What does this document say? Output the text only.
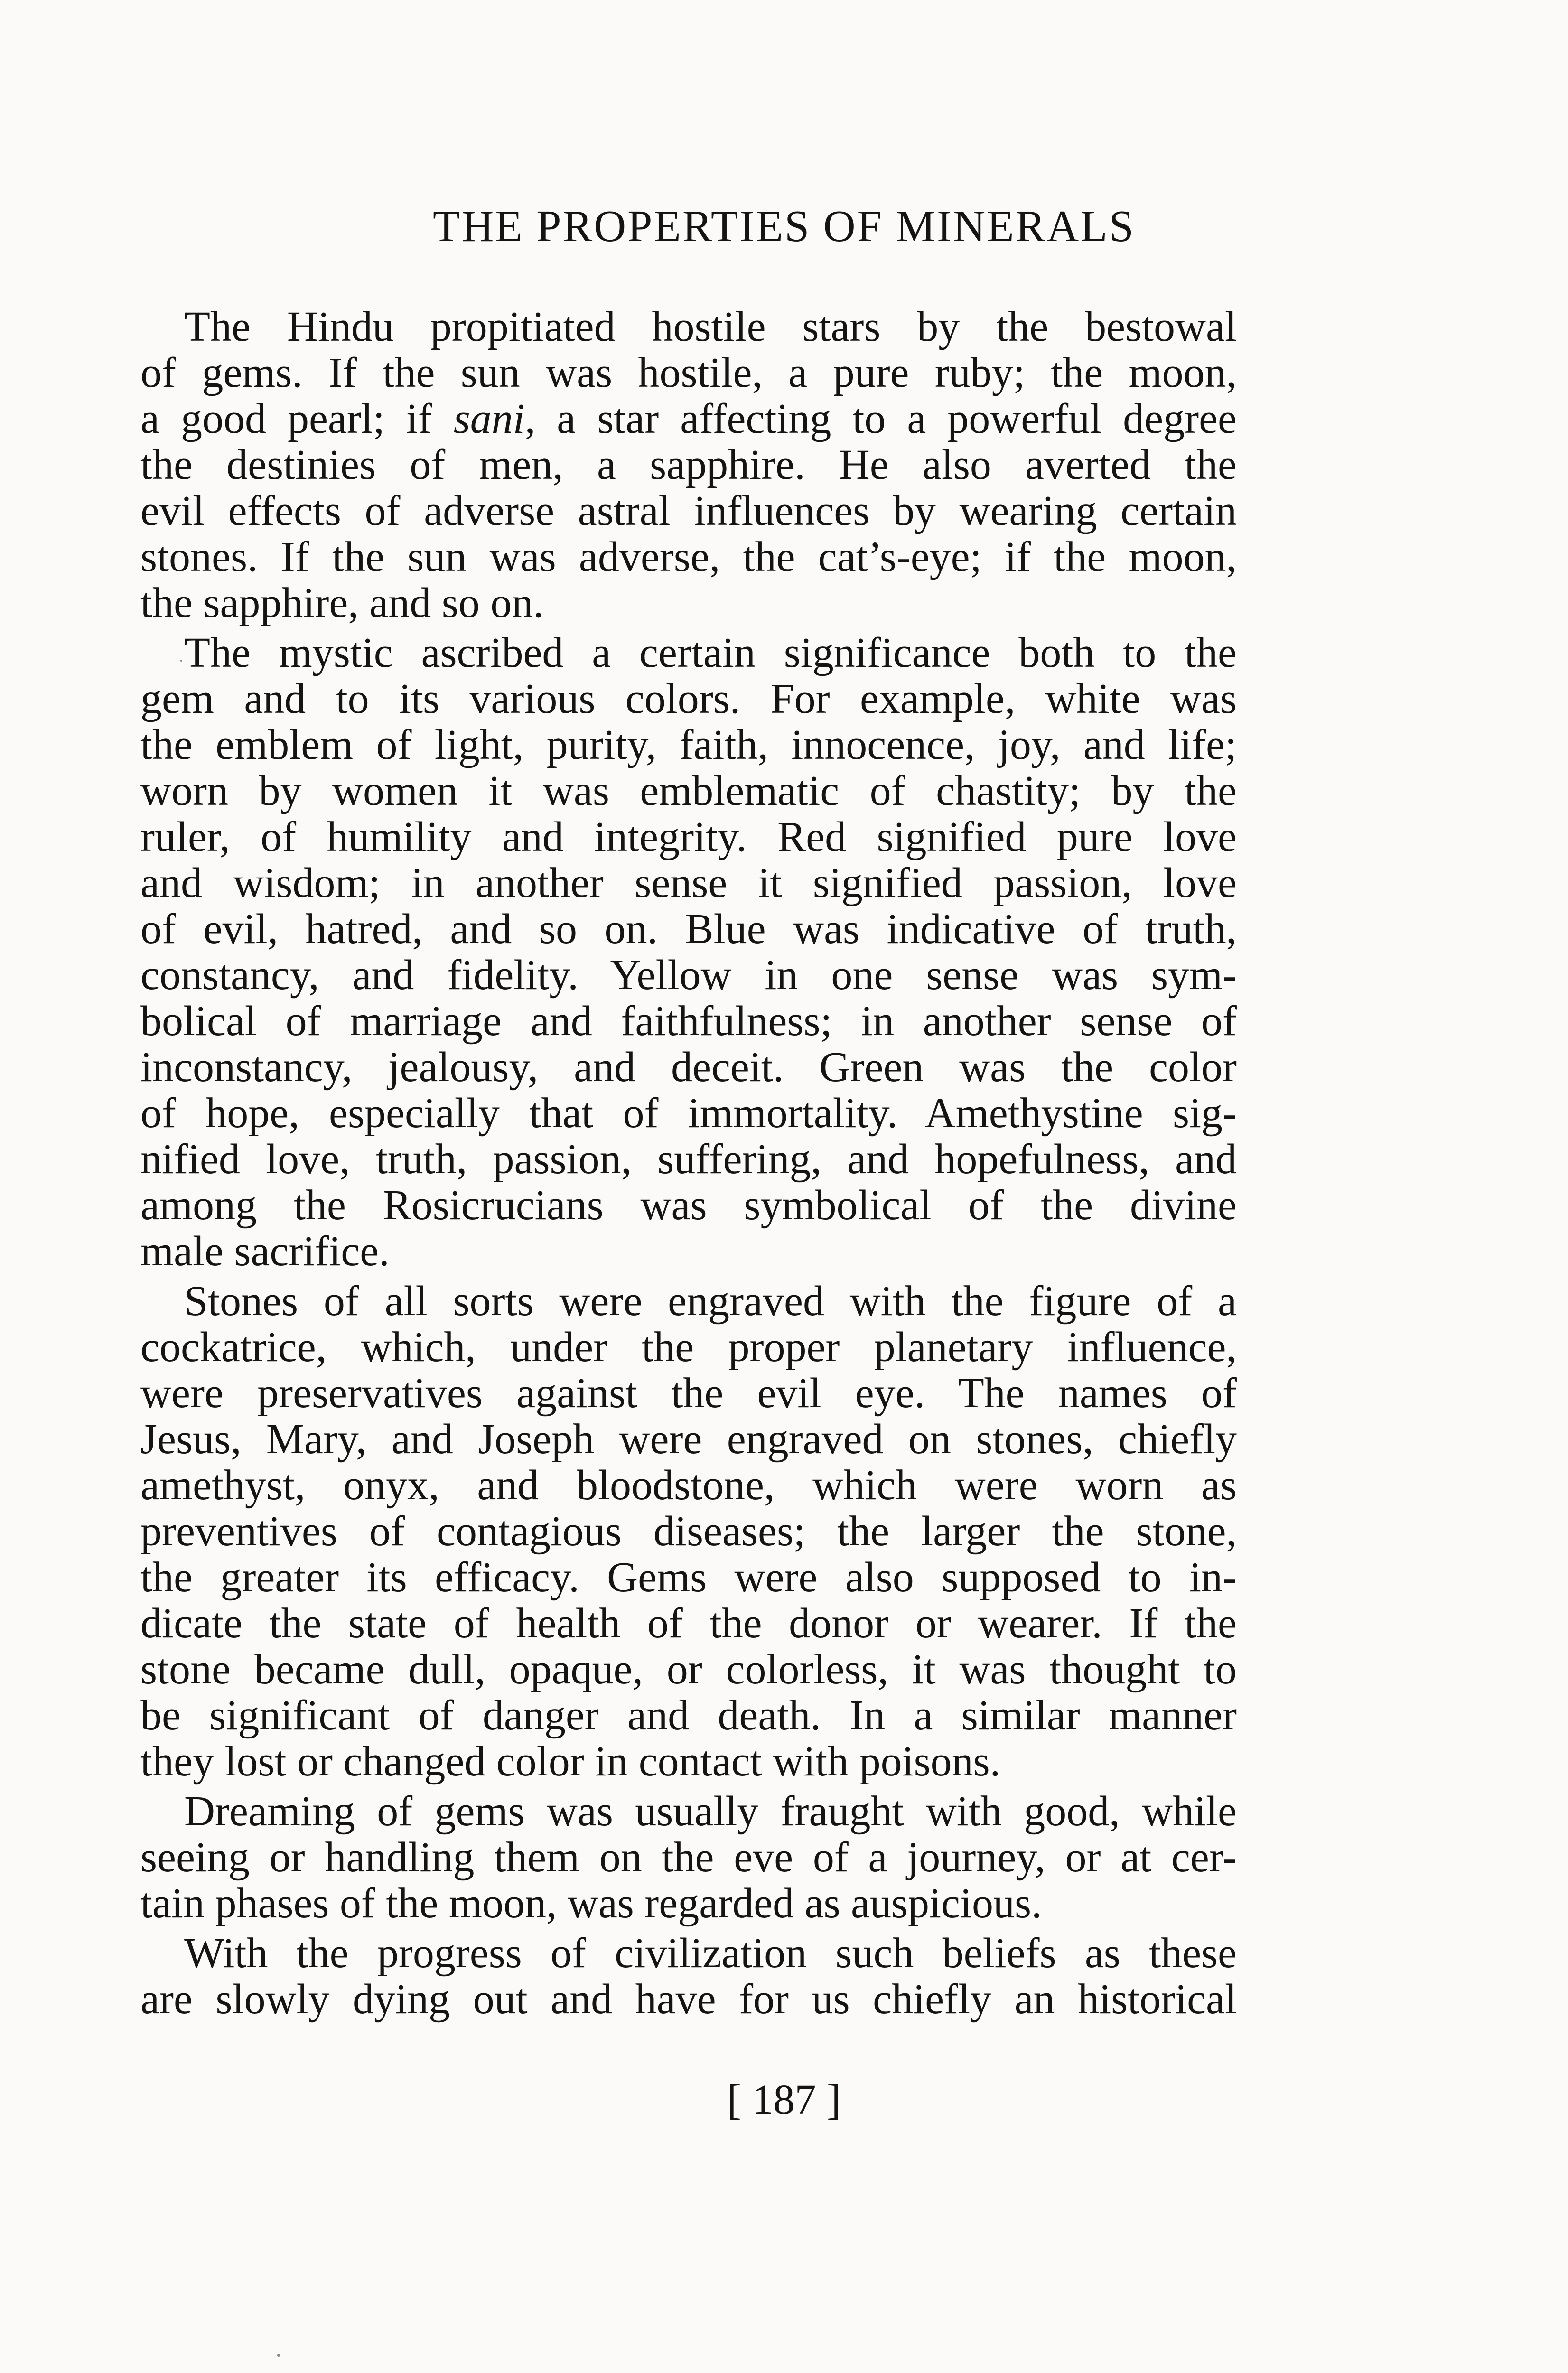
THE PROPERTIES OF MINERALS
The Hindu propitiated hostile stars by the bestowal
of gems. If the sun was hostile, a pure ruby; the moon,
a good pearl; if sani, a star affecting to a powerful degree
the destinies of men, a sapphire. He also averted the
evil effects of adverse astral influences by wearing certain
stones. If the sun was adverse, the cat’s-eye; if the moon,
the sapphire, and so on.
The mystic ascribed a certain significance both to the
gem and to its various colors. For example, white was
the emblem of light, purity, faith, innocence, joy, and life;
worn by women it was emblematic of chastity; by the
ruler, of humility and integrity. Red signified pure love
and wisdom; in another sense it signified passion, love
of evil, hatred, and so on. Blue was indicative of truth,
constancy, and fidelity. Yellow in one sense was sym-
bolical of marriage and faithfulness; in another sense of
inconstancy, jealousy, and deceit. Green was the color
of hope, especially that of immortality. Amethystine sig-
nified love, truth, passion, suffering, and hopefulness, and
among the Rosicrucians was symbolical of the divine
male sacrifice.
Stones of all sorts were engraved with the figure of a
cockatrice, which, under the proper planetary influence,
were preservatives against the evil eye. The names of
Jesus, Mary, and Joseph were engraved on stones, chiefly
amethyst, onyx, and bloodstone, which were worn as
preventives of contagious diseases; the larger the stone,
the greater its efficacy. Gems were also supposed to in-
dicate the state of health of the donor or wearer. If the
stone became dull, opaque, or colorless, it was thought to
be significant of danger and death. In a similar manner
they lost or changed color in contact with poisons.
Dreaming of gems was usually fraught with good, while
seeing or handling them on the eve of a journey, or at cer-
tain phases of the moon, was regarded as auspicious.
With the progress of civilization such beliefs as these
are slowly dying out and have for us chiefly an historical
[ 187 ]
